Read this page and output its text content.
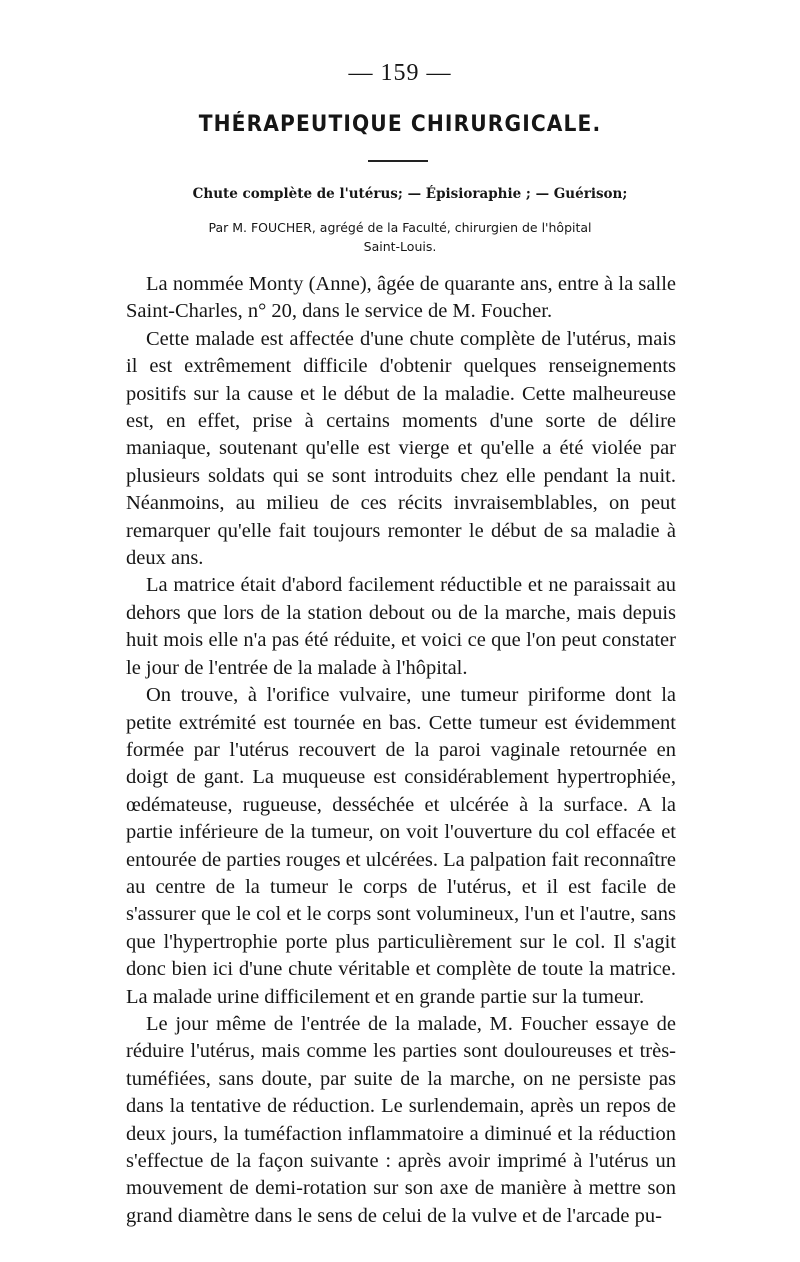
— 159 —
THÉRAPEUTIQUE CHIRURGICALE.
Chute complète de l'utérus; — Épisioraphie ; — Guérison;
Par M. FOUCHER, agrégé de la Faculté, chirurgien de l'hôpital Saint-Louis.

La nommée Monty (Anne), âgée de quarante ans, entre à la salle Saint-Charles, n° 20, dans le service de M. Foucher.

Cette malade est affectée d'une chute complète de l'utérus, mais il est extrêmement difficile d'obtenir quelques renseignements positifs sur la cause et le début de la maladie. Cette malheureuse est, en effet, prise à certains moments d'une sorte de délire maniaque, soutenant qu'elle est vierge et qu'elle a été violée par plusieurs soldats qui se sont introduits chez elle pendant la nuit. Néanmoins, au milieu de ces récits invraisemblables, on peut remarquer qu'elle fait toujours remonter le début de sa maladie à deux ans.

La matrice était d'abord facilement réductible et ne paraissait au dehors que lors de la station debout ou de la marche, mais depuis huit mois elle n'a pas été réduite, et voici ce que l'on peut constater le jour de l'entrée de la malade à l'hôpital.

On trouve, à l'orifice vulvaire, une tumeur piriforme dont la petite extrémité est tournée en bas. Cette tumeur est évidemment formée par l'utérus recouvert de la paroi vaginale retournée en doigt de gant. La muqueuse est considérablement hypertrophiée, œdémateuse, rugueuse, desséchée et ulcérée à la surface. A la partie inférieure de la tumeur, on voit l'ouverture du col effacée et entourée de parties rouges et ulcérées. La palpation fait reconnaître au centre de la tumeur le corps de l'utérus, et il est facile de s'assurer que le col et le corps sont volumineux, l'un et l'autre, sans que l'hypertrophie porte plus particulièrement sur le col. Il s'agit donc bien ici d'une chute véritable et complète de toute la matrice. La malade urine difficilement et en grande partie sur la tumeur.

Le jour même de l'entrée de la malade, M. Foucher essaye de réduire l'utérus, mais comme les parties sont douloureuses et très-tuméfiées, sans doute, par suite de la marche, on ne persiste pas dans la tentative de réduction. Le surlendemain, après un repos de deux jours, la tuméfaction inflammatoire a diminué et la réduction s'effectue de la façon suivante : après avoir imprimé à l'utérus un mouvement de demi-rotation sur son axe de manière à mettre son grand diamètre dans le sens de celui de la vulve et de l'arcade pu-
